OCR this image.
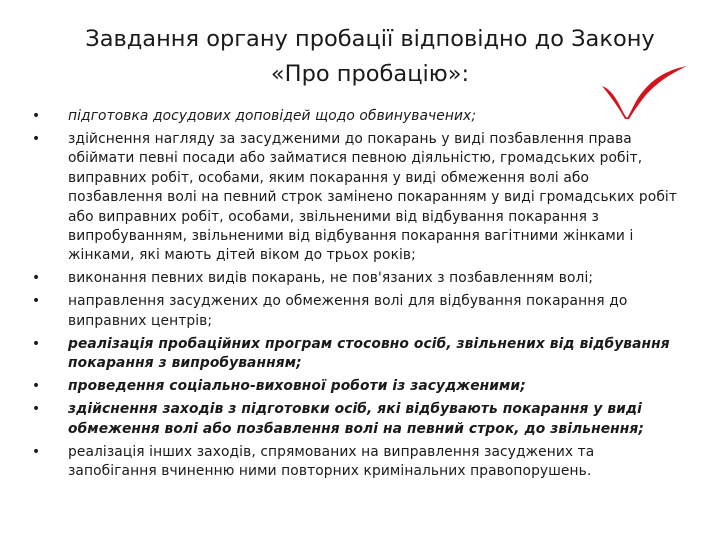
Завдання органу пробації відповідно до Закону
«Про пробацію»:
• підготовка досудових доповідей щодо обвинувачених;
• здійснення нагляду за засудженими до покарань у виді позбавлення права обіймати певні посади або займатися певною діяльністю, громадських робіт, виправних робіт, особами, яким покарання у виді обмеження волі або позбавлення волі на певний строк замінено покаранням у виді громадських робіт або виправних робіт, особами, звільненими від відбування покарання з випробуванням, звільненими від відбування покарання вагітними жінками і жінками, які мають дітей віком до трьох років;
• виконання певних видів покарань, не пов'язаних з позбавленням волі;
• направлення засуджених до обмеження волі для відбування покарання до виправних центрів;
• реалізація пробаційних програм стосовно осіб, звільнених від відбування покарання з випробуванням;
• проведення соціально-виховної роботи із засудженими;
• здійснення заходів з підготовки осіб, які відбувають покарання у виді обмеження волі або позбавлення волі на певний строк, до звільнення;
• реалізація інших заходів, спрямованих на виправлення засуджених та запобігання вчиненню ними повторних кримінальних правопорушень.
